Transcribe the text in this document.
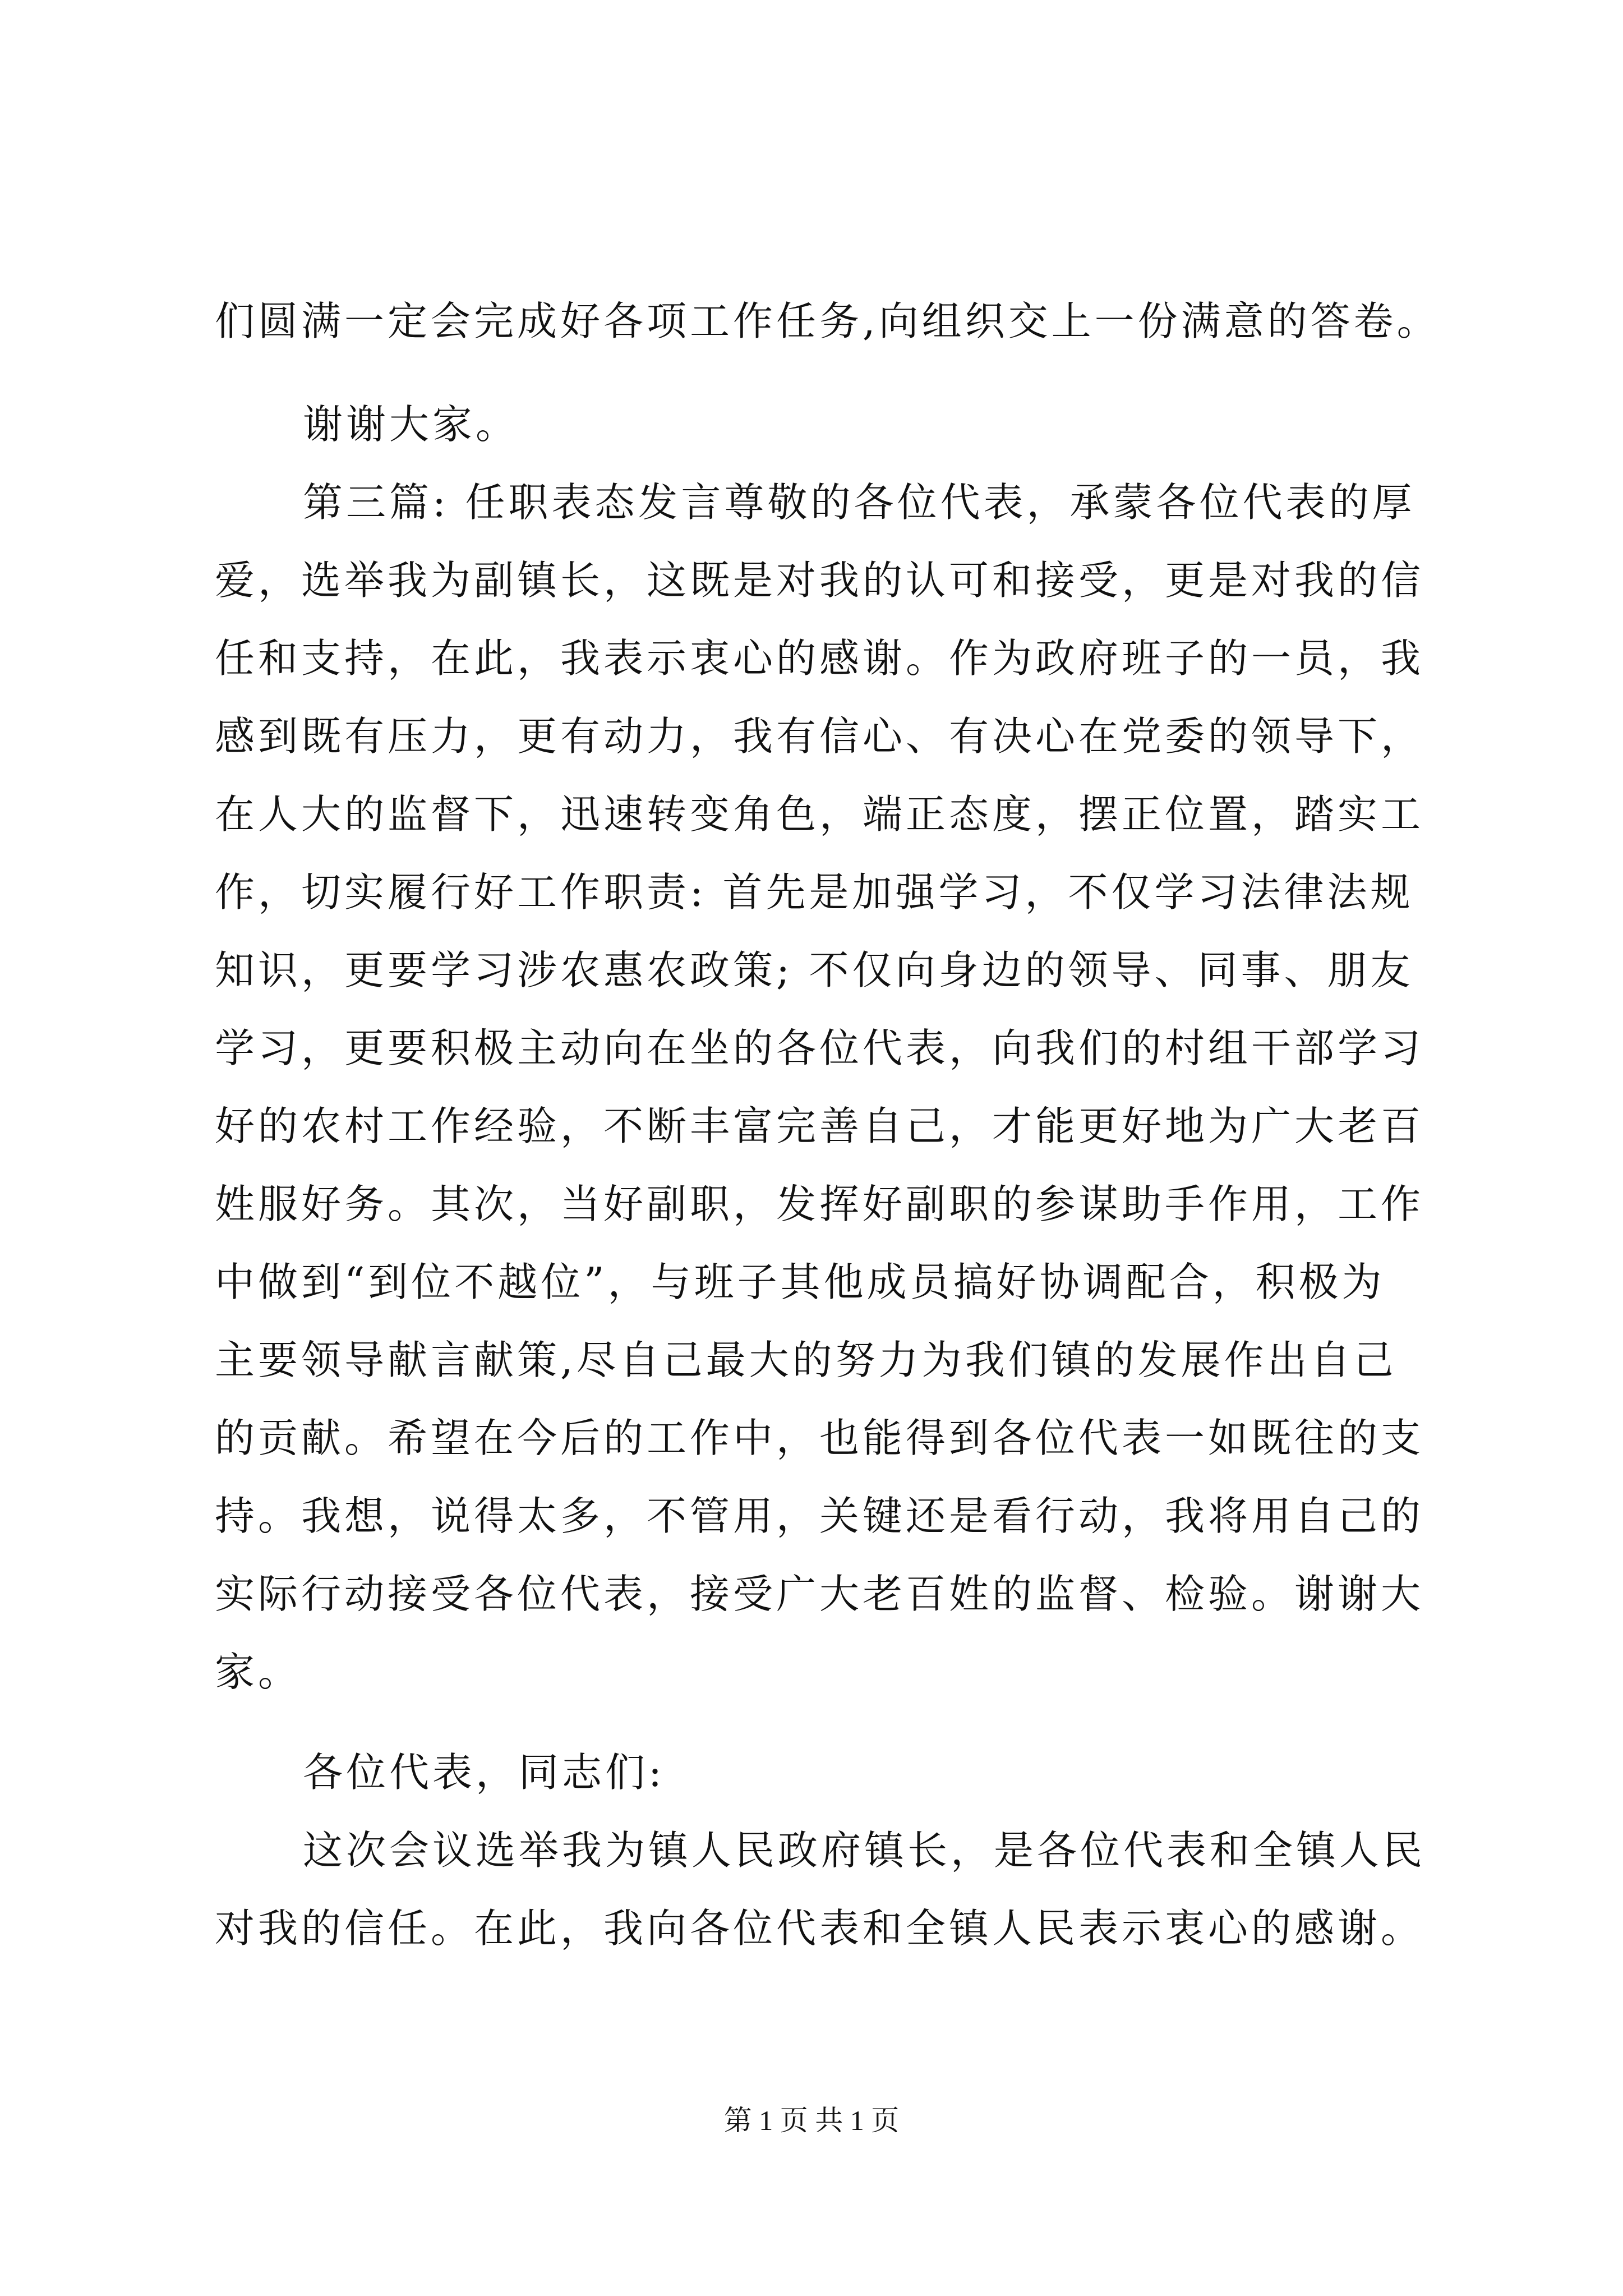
们圆满一定会完成好各项工作任务,向组织交上一份满意的答卷。
谢谢大家。
第三篇: 任职表态发言尊敬的各位代表，承蒙各位代表的厚
爱，选举我为副镇长，这既是对我的认可和接受，更是对我的信
任和支持，在此，我表示衷心的感谢。作为政府班子的一员，我
感到既有压力，更有动力，我有信心、有决心在党委的领导下，
在人大的监督下，迅速转变角色，端正态度，摆正位置，踏实工
作，切实履行好工作职责: 首先是加强学习，不仅学习法律法规
知识，更要学习涉农惠农政策; 不仅向身边的领导、同事、朋友
学习，更要积极主动向在坐的各位代表，向我们的村组干部学习
好的农村工作经验，不断丰富完善自己，才能更好地为广大老百
姓服好务。其次，当好副职，发挥好副职的参谋助手作用，工作
中做到“到位不越位”，与班子其他成员搞好协调配合，积极为
主要领导献言献策,尽自己最大的努力为我们镇的发展作出自己
的贡献。希望在今后的工作中，也能得到各位代表一如既往的支
持。我想，说得太多，不管用，关键还是看行动，我将用自己的
实际行动接受各位代表，接受广大老百姓的监督、检验。谢谢大
家。
各位代表，同志们:
这次会议选举我为镇人民政府镇长，是各位代表和全镇人民
对我的信任。在此，我向各位代表和全镇人民表示衷心的感谢。
第 1 页 共 1 页
